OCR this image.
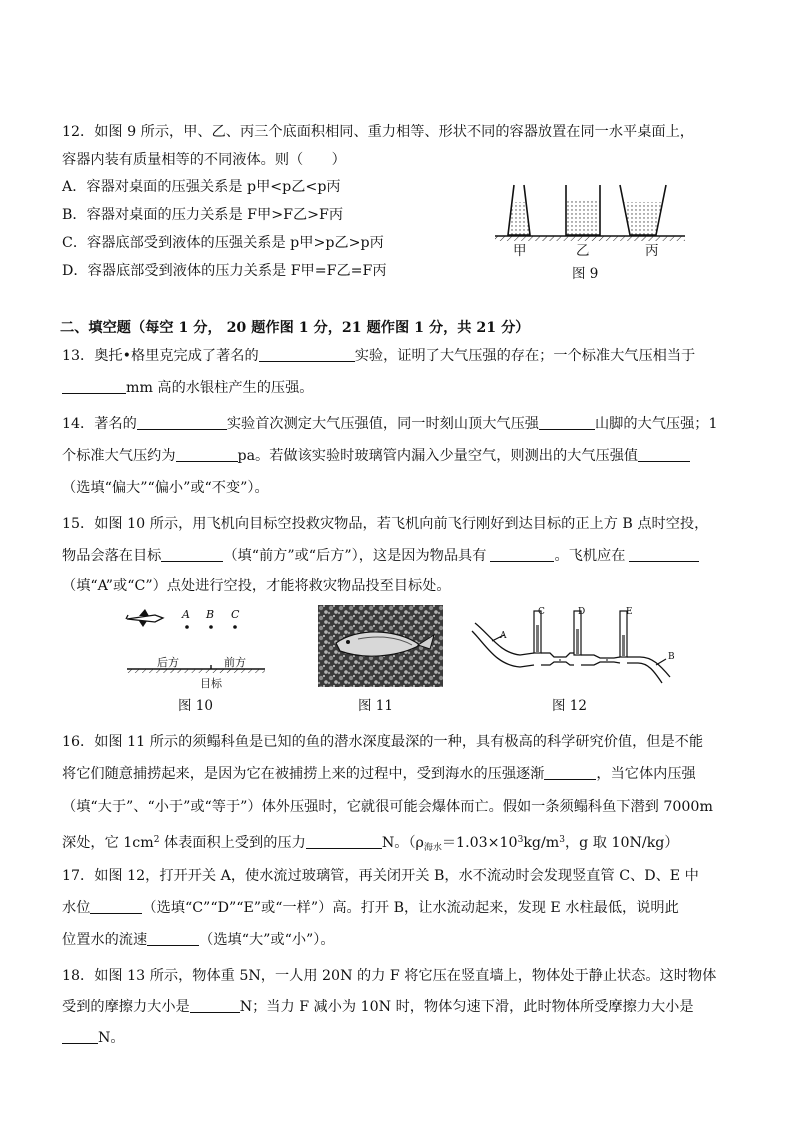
12．如图 9 所示，甲、乙、丙三个底面积相同、重力相等、形状不同的容器放置在同一水平桌面上，
容器内装有质量相等的不同液体。则（　　）
A．容器对桌面的压强关系是 p甲<p乙<p丙
B．容器对桌面的压力关系是 F甲>F乙>F丙
C．容器底部受到液体的压强关系是 p甲>p乙>p丙
D．容器底部受到液体的压力关系是 F甲=F乙=F丙
甲	乙	丙
图 9
二、填空题（每空 1 分， 20 题作图 1 分，21 题作图 1 分，共 21 分）
13．奥托•格里克完成了著名的	实验，证明了大气压强的存在；一个标准大气压相当于
mm 高的水银柱产生的压强。
14．著名的	实验首次测定大气压强值，同一时刻山顶大气压强	山脚的大气压强；1
个标准大气压约为	pa。若做该实验时玻璃管内漏入少量空气，则测出的大气压强值
（选填“偏大”“偏小”或“不变”）。
15．如图 10 所示，用飞机向目标空投救灾物品，若飞机向前飞行刚好到达目标的正上方 B 点时空投，
物品会落在目标	（填“前方”或“后方”），这是因为物品具有	。飞机应在
（填“A”或“C”）点处进行空投，才能将救灾物品投至目标处。
A B C
后方	前方
目标
图 10	图 11
A
C	D	E
B
图 12
16．如图 11 所示的须鳎科鱼是已知的鱼的潜水深度最深的一种，具有极高的科学研究价值，但是不能
将它们随意捕捞起来，是因为它在被捕捞上来的过程中，受到海水的压强逐渐	，当它体内压强
（填“大于”、“小于”或“等于”）体外压强时，它就很可能会爆体而亡。假如一条须鳎科鱼下潜到 7000m
深处，它 $1cm^2$ 体表面积上受到的压力	N。（$\rho_{海水}=1.03\times 10^3kg/m^3$，g 取 10N/kg）
17．如图 12，打开开关 A，使水流过玻璃管，再关闭开关 B，水不流动时会发现竖直管 C、D、E 中
水位	（选填“C”“D”“E”或“一样”）高。打开 B，让水流动起来，发现 E 水柱最低，说明此
位置水的流速	（选填“大”或“小”）。
18．如图 13 所示，物体重 5N，一人用 20N 的力 F 将它压在竖直墙上，物体处于静止状态。这时物体
受到的摩擦力大小是	N；当力 F 减小为 10N 时，物体匀速下滑，此时物体所受摩擦力大小是
N。
